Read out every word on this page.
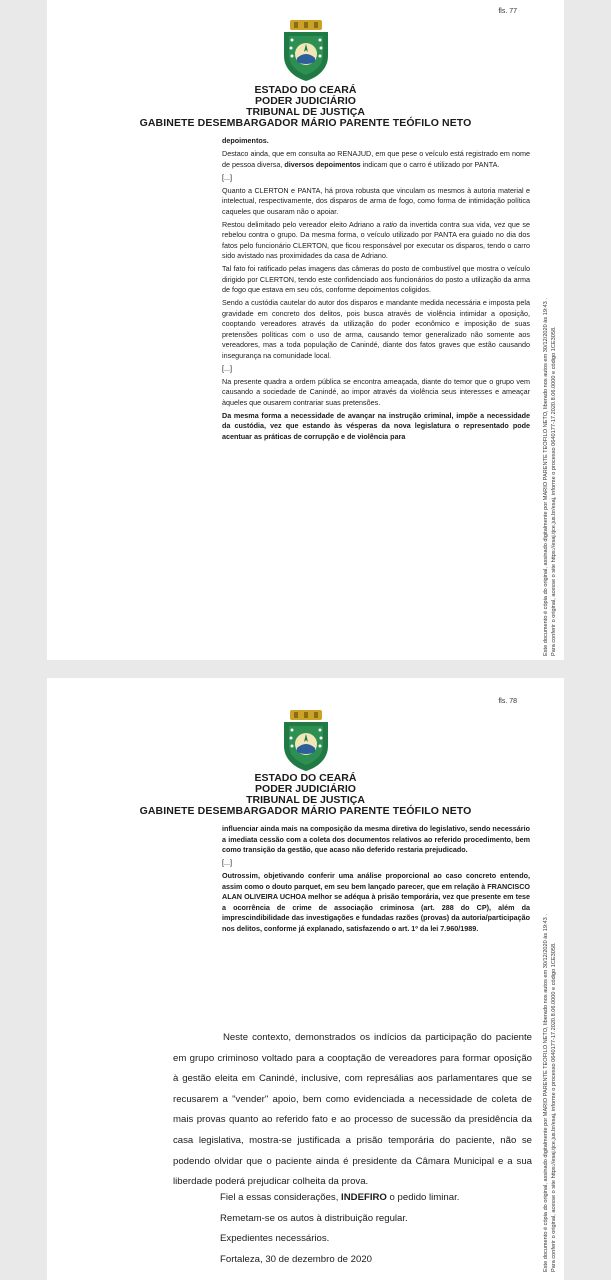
fls. 77
ESTADO DO CEARÁ
PODER JUDICIÁRIO
TRIBUNAL DE JUSTIÇA
GABINETE DESEMBARGADOR MÁRIO PARENTE TEÓFILO NETO

depoimentos.

Destaco ainda, que em consulta ao RENAJUD, em que pese o veículo está registrado em nome de pessoa diversa, diversos depoimentos indicam que o carro é utilizado por PANTA.

[...]

Quanto a CLERTON e PANTA, há prova robusta que vinculam os mesmos à autoria material e intelectual, respectivamente, dos disparos de arma de fogo, como forma de intimidação política caqueles que ousaram não o apoiar.

Restou delimitado pelo vereador eleito Adriano a ratio da invertida contra sua vida, vez que se rebelou contra o grupo. Da mesma forma, o veículo utilizado por PANTA era guiado no dia dos fatos pelo funcionário CLERTON, que ficou responsável por executar os disparos, tendo o carro sido avistado nas proximidades da casa de Adriano.

Tal fato foi ratificado pelas imagens das câmeras do posto de combustível que mostra o veículo dirigido por CLERTON, tendo este confidenciado aos funcionários do posto a utilização da arma de fogo que estava em seu cós, conforme depoimentos coligidos.

Sendo a custódia cautelar do autor dos disparos e mandante medida necessária e imposta pela gravidade em concreto dos delitos, pois busca através de violência intimidar a oposição, cooptando vereadores através da utilização do poder econômico e imposição de suas pretensões políticas com o uso de arma, causando temor generalizado não somente aos vereadores, mas a toda população de Canindé, diante dos fatos graves que estão causando insegurança na comunidade local.

[...]

Na presente quadra a ordem pública se encontra ameaçada, diante do temor que o grupo vem causando a sociedade de Canindé, ao impor através da violência seus interesses e ameaçar àqueles que ousarem contrariar suas pretensões.

Da mesma forma a necessidade de avançar na instrução criminal, impõe a necessidade da custódia, vez que estando às vésperas da nova legislatura o representado pode acentuar as práticas de corrupção e de violência para	Este documento é cópia do original, assinado digitalmente por MARIO PARENTE TEOFILO NETO, liberado nos autos em 30/12/2020 às 19:43 . Para conferir o original, acesse o site https://esaj.tjce.jus.br/esaj, informe o processo 0640177-17.2020.8.06.0000 e código 1CE3058.
fls. 78
ESTADO DO CEARÁ
PODER JUDICIÁRIO
TRIBUNAL DE JUSTIÇA
GABINETE DESEMBARGADOR MÁRIO PARENTE TEÓFILO NETO

influenciar ainda mais na composição da mesma diretiva do legislativo, sendo necessário a imediata cessão com a coleta dos documentos relativos ao referido procedimento, bem como transição da gestão, que acaso não deferido restaria prejudicado.

[...]

Outrossim, objetivando conferir uma análise proporcional ao caso concreto entendo, assim como o douto parquet, em seu bem lançado parecer, que em relação à FRANCISCO ALAN OLIVEIRA UCHOA melhor se adéqua à prisão temporária, vez que presente em tese a ocorrência de crime de associação criminosa (art. 288 do CP), além da imprescindibilidade das investigações e fundadas razões (provas) da autoria/participação nos delitos, conforme já explanado, satisfazendo o art. 1º da lei 7.960/1989.

Neste contexto, demonstrados os indícios da participação do paciente em grupo criminoso voltado para a cooptação de vereadores para formar oposição à gestão eleita em Canindé, inclusive, com represálias aos parlamentares que se recusarem a "vender" apoio, bem como evidenciada a necessidade de coleta de mais provas quanto ao referido fato e ao processo de sucessão da presidência da casa legislativa, mostra-se justificada a prisão temporária do paciente, não se podendo olvidar que o paciente ainda é presidente da Câmara Municipal e a sua liberdade poderá prejudicar colheita da prova.

Fiel a essas considerações, INDEFIRO o pedido liminar.
Remetam-se os autos à distribuição regular.
Expedientes necessários.
Fortaleza, 30 de dezembro de 2020	Este documento é cópia do original, assinado digitalmente por MARIO PARENTE TEOFILO NETO, liberado nos autos em 30/12/2020 às 19:43 . Para conferir o original, acesse o site https://esaj.tjce.jus.br/esaj, informe o processo 0640177-17.2020.8.06.0000 e código 1CE3058.
